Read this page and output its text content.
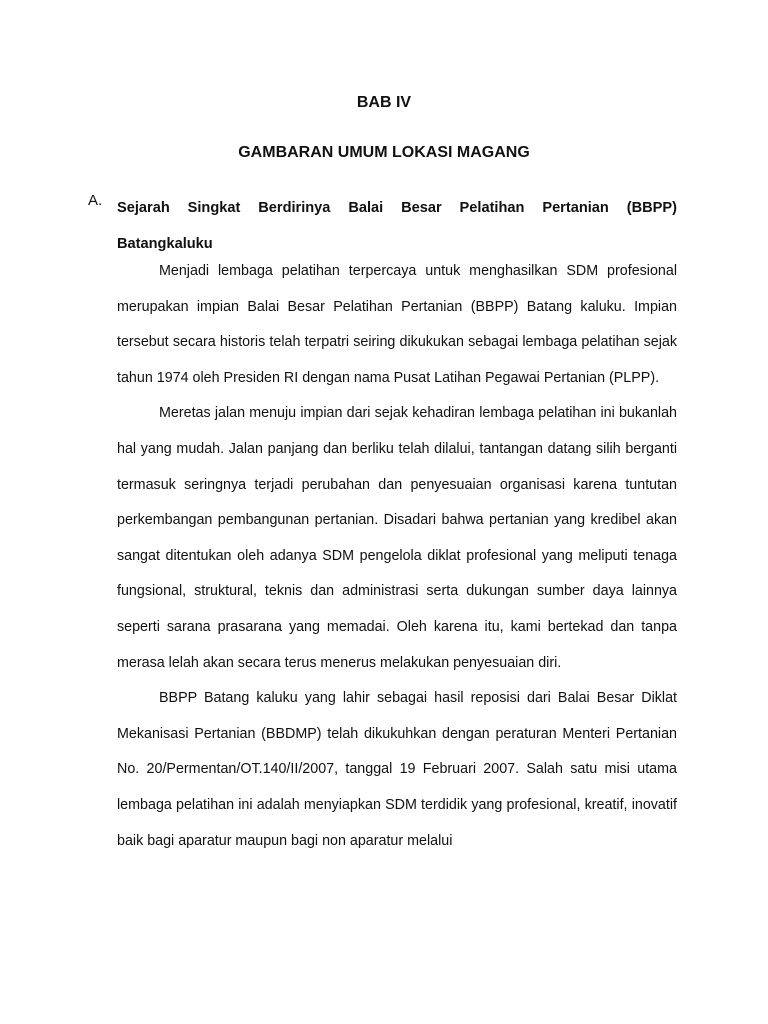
BAB IV
GAMBARAN UMUM LOKASI MAGANG
A. Sejarah Singkat Berdirinya Balai Besar Pelatihan Pertanian (BBPP) Batangkaluku

Menjadi lembaga pelatihan terpercaya untuk menghasilkan SDM profesional merupakan impian Balai Besar Pelatihan Pertanian (BBPP) Batang kaluku. Impian tersebut secara historis telah terpatri seiring dikukukan sebagai lembaga pelatihan sejak tahun 1974 oleh Presiden RI dengan nama Pusat Latihan Pegawai Pertanian (PLPP).

Meretas jalan menuju impian dari sejak kehadiran lembaga pelatihan ini bukanlah hal yang mudah. Jalan panjang dan berliku telah dilalui, tantangan datang silih berganti termasuk seringnya terjadi perubahan dan penyesuaian organisasi karena tuntutan perkembangan pembangunan pertanian. Disadari bahwa pertanian yang kredibel akan sangat ditentukan oleh adanya SDM pengelola diklat profesional yang meliputi tenaga fungsional, struktural, teknis dan administrasi serta dukungan sumber daya lainnya seperti sarana prasarana yang memadai. Oleh karena itu, kami bertekad dan tanpa merasa lelah akan secara terus menerus melakukan penyesuaian diri.

BBPP Batang kaluku yang lahir sebagai hasil reposisi dari Balai Besar Diklat Mekanisasi Pertanian (BBDMP) telah dikukuhkan dengan peraturan Menteri Pertanian No. 20/Permentan/OT.140/II/2007, tanggal 19 Februari 2007. Salah satu misi utama lembaga pelatihan ini adalah menyiapkan SDM terdidik yang profesional, kreatif, inovatif baik bagi aparatur maupun bagi non aparatur melalui
